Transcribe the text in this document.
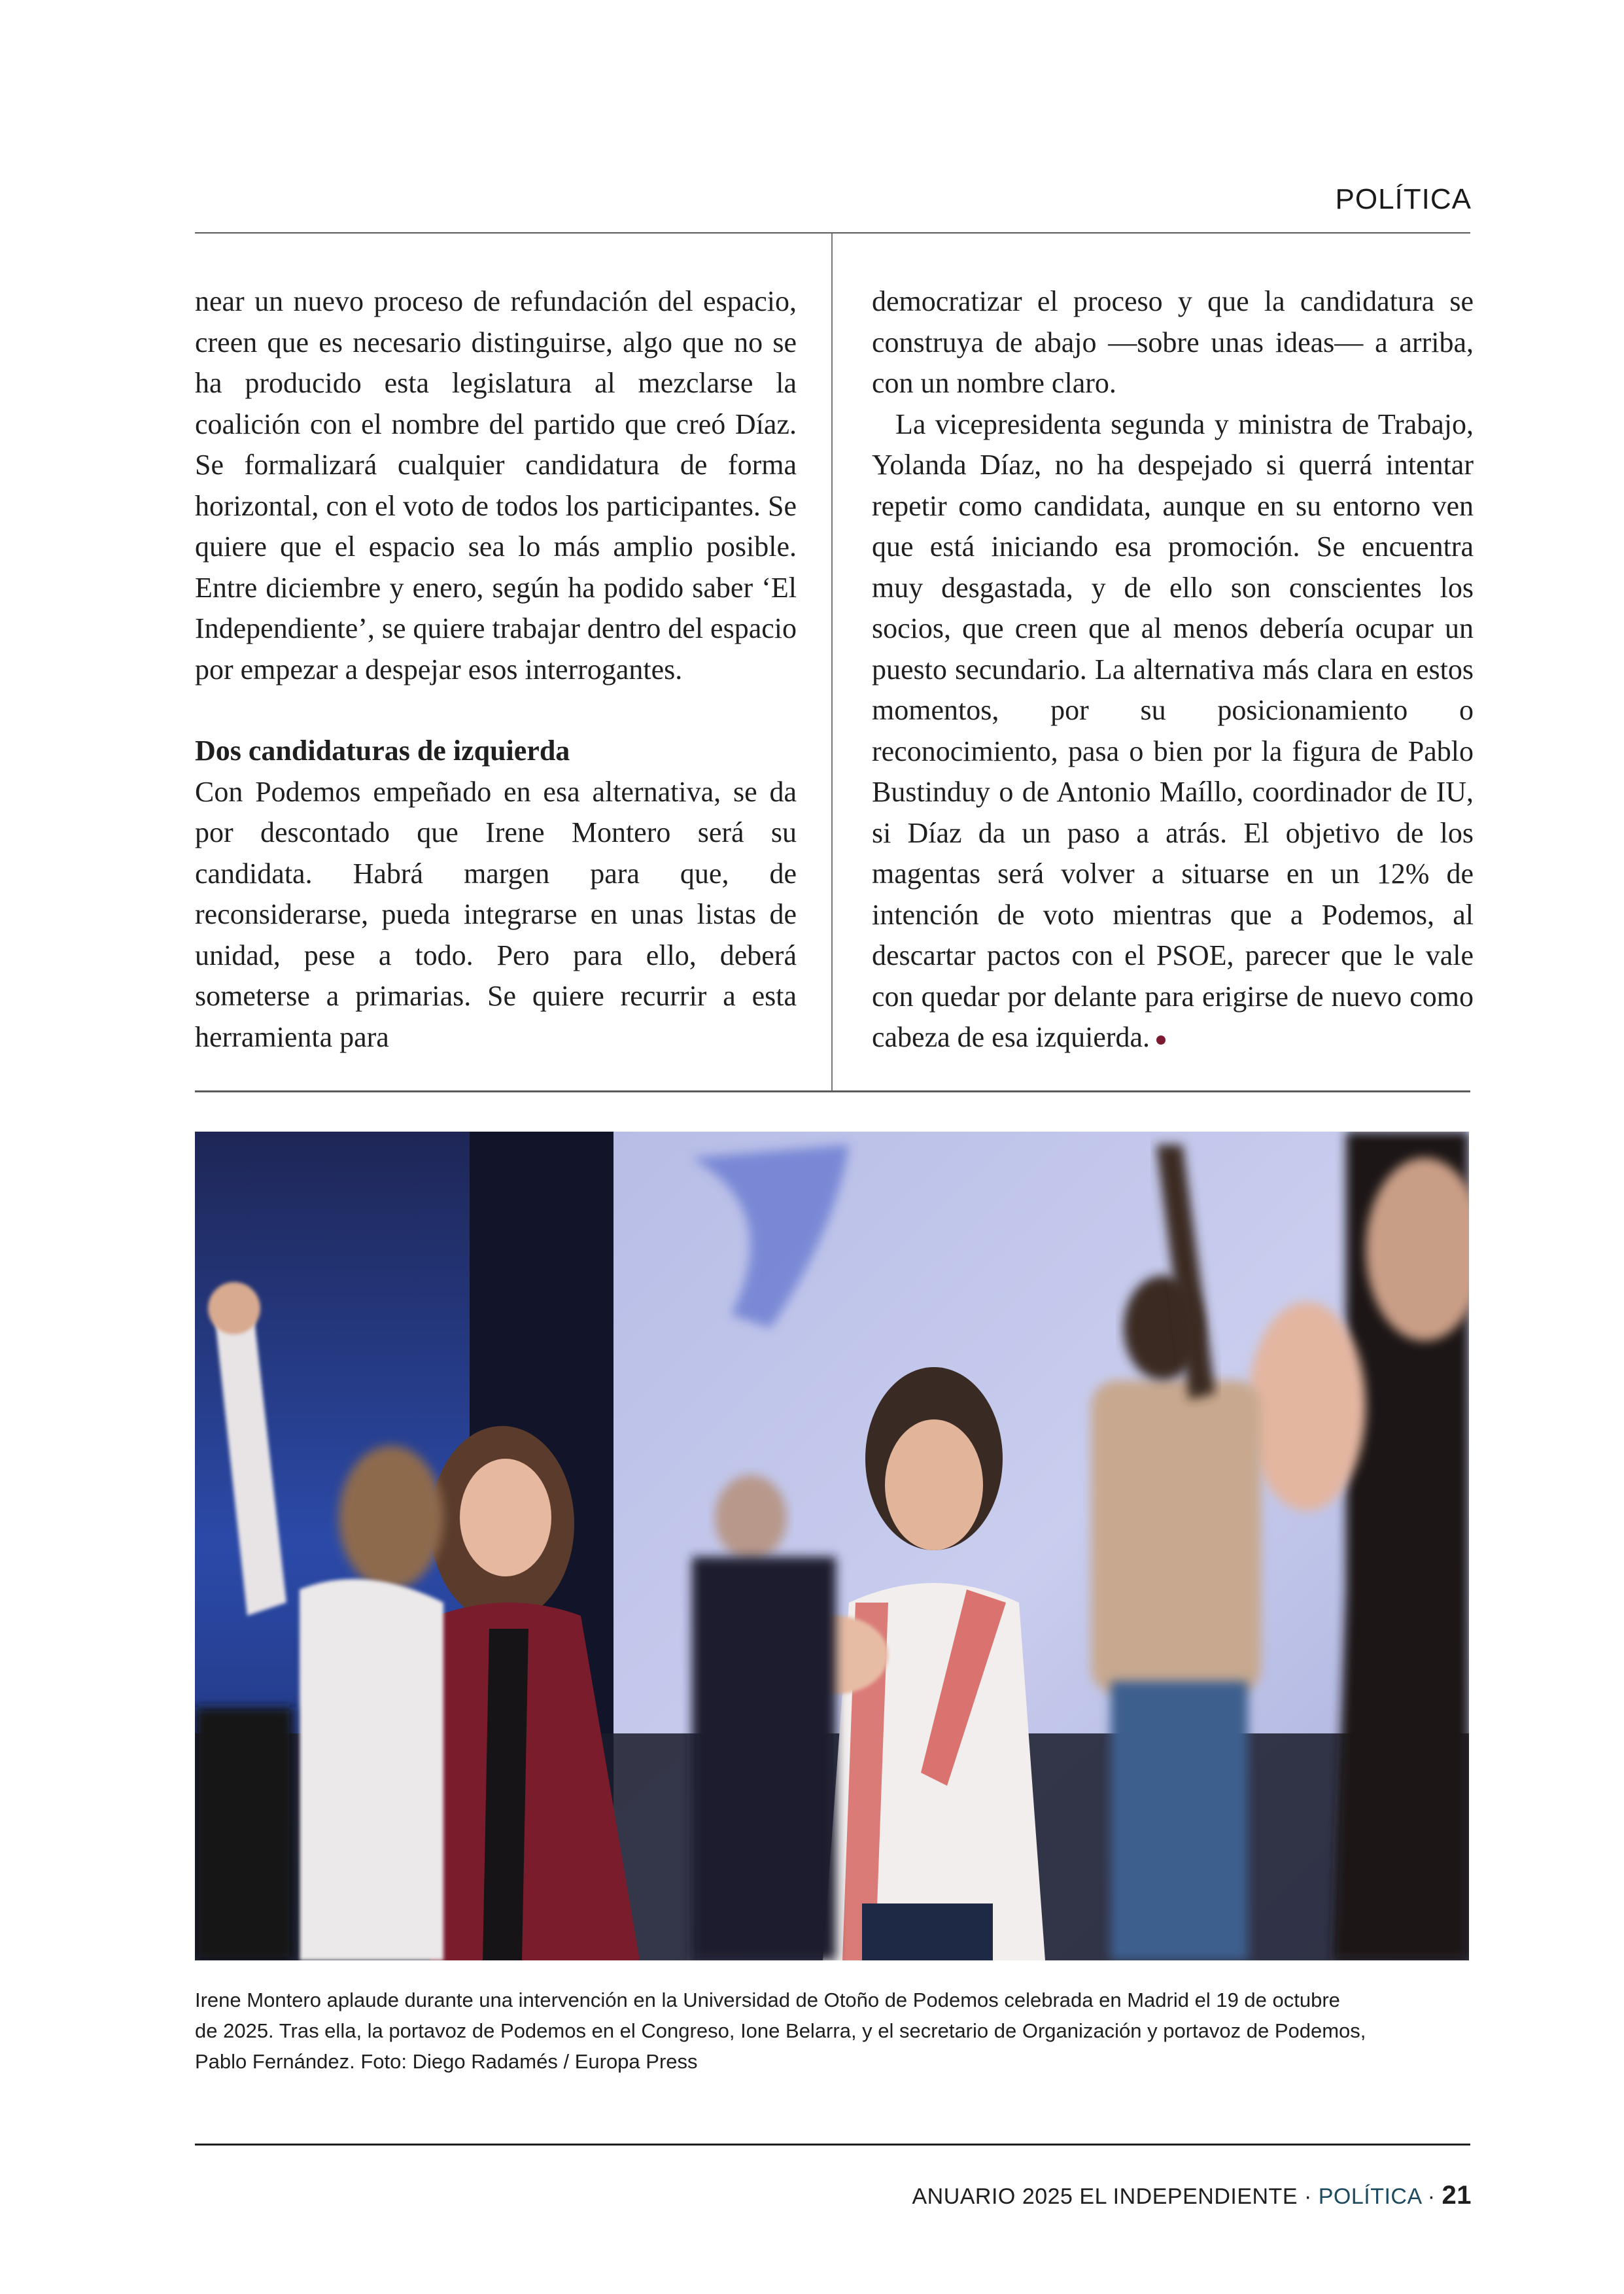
POLÍTICA

near un nuevo proceso de refundación del espacio, creen que es necesario distinguirse, algo que no se ha producido esta legislatura al mezclarse la coalición con el nombre del partido que creó Díaz. Se formalizará cualquier candidatura de forma horizontal, con el voto de todos los participantes. Se quiere que el espacio sea lo más amplio posible. Entre diciembre y enero, según ha podido saber ‘El Independiente’, se quiere trabajar dentro del espacio por empezar a despejar esos interrogantes.

Dos candidaturas de izquierda

Con Podemos empeñado en esa alternativa, se da por descontado que Irene Montero será su candidata. Habrá margen para que, de reconsiderarse, pueda integrarse en unas listas de unidad, pese a todo. Pero para ello, deberá someterse a primarias. Se quiere recurrir a esta herramienta para

democratizar el proceso y que la candidatura se construya de abajo —sobre unas ideas— a arriba, con un nombre claro.

La vicepresidenta segunda y ministra de Trabajo, Yolanda Díaz, no ha despejado si querrá intentar repetir como candidata, aunque en su entorno ven que está iniciando esa promoción. Se encuentra muy desgastada, y de ello son conscientes los socios, que creen que al menos debería ocupar un puesto secundario. La alternativa más clara en estos momentos, por su posicionamiento o reconocimiento, pasa o bien por la figura de Pablo Bustinduy o de Antonio Maíllo, coordinador de IU, si Díaz da un paso a atrás. El objetivo de los magentas será volver a situarse en un 12% de intención de voto mientras que a Podemos, al descartar pactos con el PSOE, parecer que le vale con quedar por delante para erigirse de nuevo como cabeza de esa izquierda.

Irene Montero aplaude durante una intervención en la Universidad de Otoño de Podemos celebrada en Madrid el 19 de octubre
de 2025. Tras ella, la portavoz de Podemos en el Congreso, Ione Belarra, y el secretario de Organización y portavoz de Podemos,
Pablo Fernández. Foto: Diego Radamés / Europa Press
ANUARIO 2025 EL INDEPENDIENTE · POLÍTICA · 21
